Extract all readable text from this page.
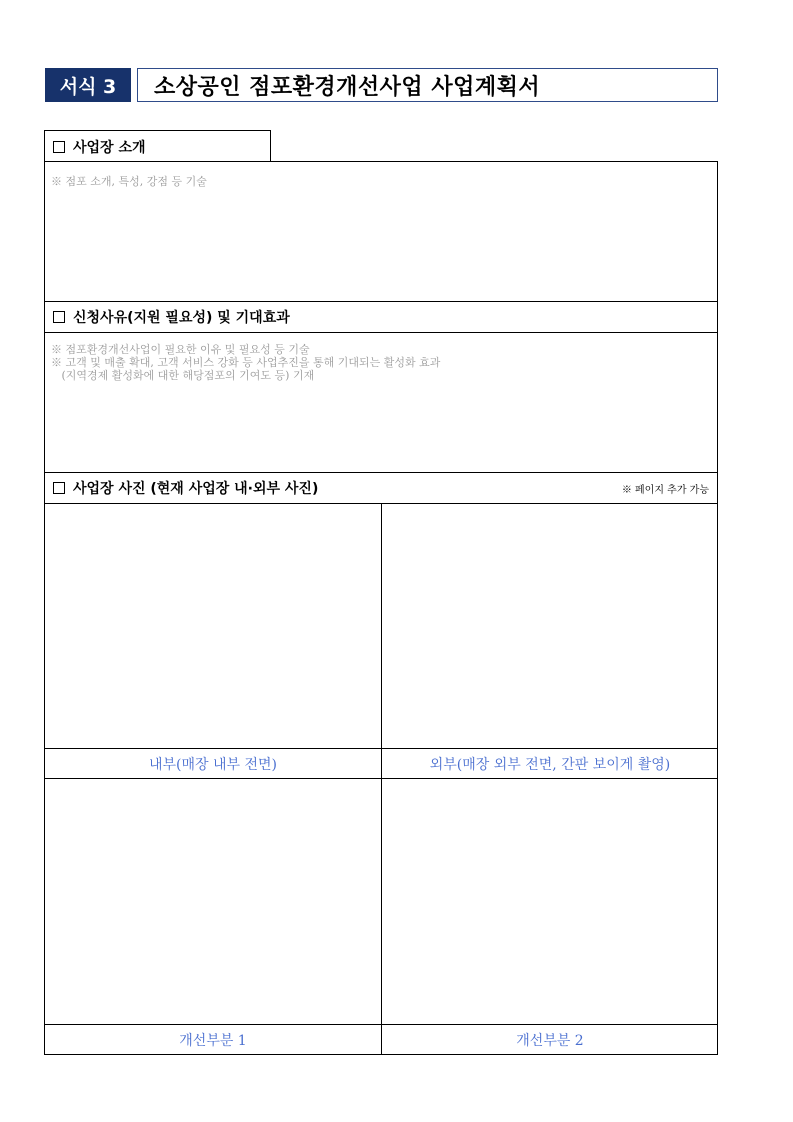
서식 3	소상공인 점포환경개선사업 사업계획서
사업장 소개
※ 점포 소개, 특성, 강점 등 기술
신청사유(지원 필요성) 및 기대효과
※ 점포환경개선사업이 필요한 이유 및 필요성 등 기술
※ 고객 및 매출 확대, 고객 서비스 강화 등 사업추진을 통해 기대되는 활성화 효과
(지역경제 활성화에 대한 해당점포의 기여도 등) 기재
사업장 사진 (현재 사업장 내·외부 사진)	※ 페이지 추가 가능
내부(매장 내부 전면)	외부(매장 외부 전면, 간판 보이게 촬영)
개선부분 1	개선부분 2
